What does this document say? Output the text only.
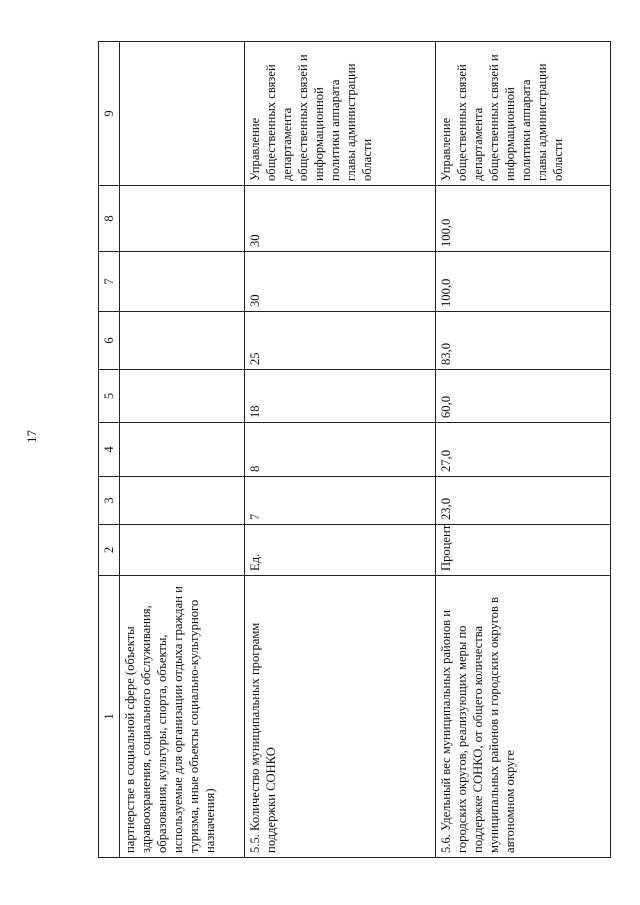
17
1	2	3	4	5	6	7	8	9
партнерстве в социальной сфере (объекты здравоохранения, социального обслуживания, образования, культуры, спорта, объекты, используемые для организации отдыха граждан и туризма, иные объекты социально-культурного назначения)								
5.5. Количество муниципальных программ поддержки СОНКО	Ед.	7	8	18	25	30	30	Управление общественных связей департамента общественных связей и информационной политики аппарата главы администрации области
5.6. Удельный вес муниципальных районов и городских округов, реализующих меры по поддержке СОНКО, от общего количества муниципальных районов и городских округов в автономном округе	Процент	23,0	27,0	60,0	83,0	100,0	100,0	Управление общественных связей департамента общественных связей и информационной политики аппарата главы администрации области
